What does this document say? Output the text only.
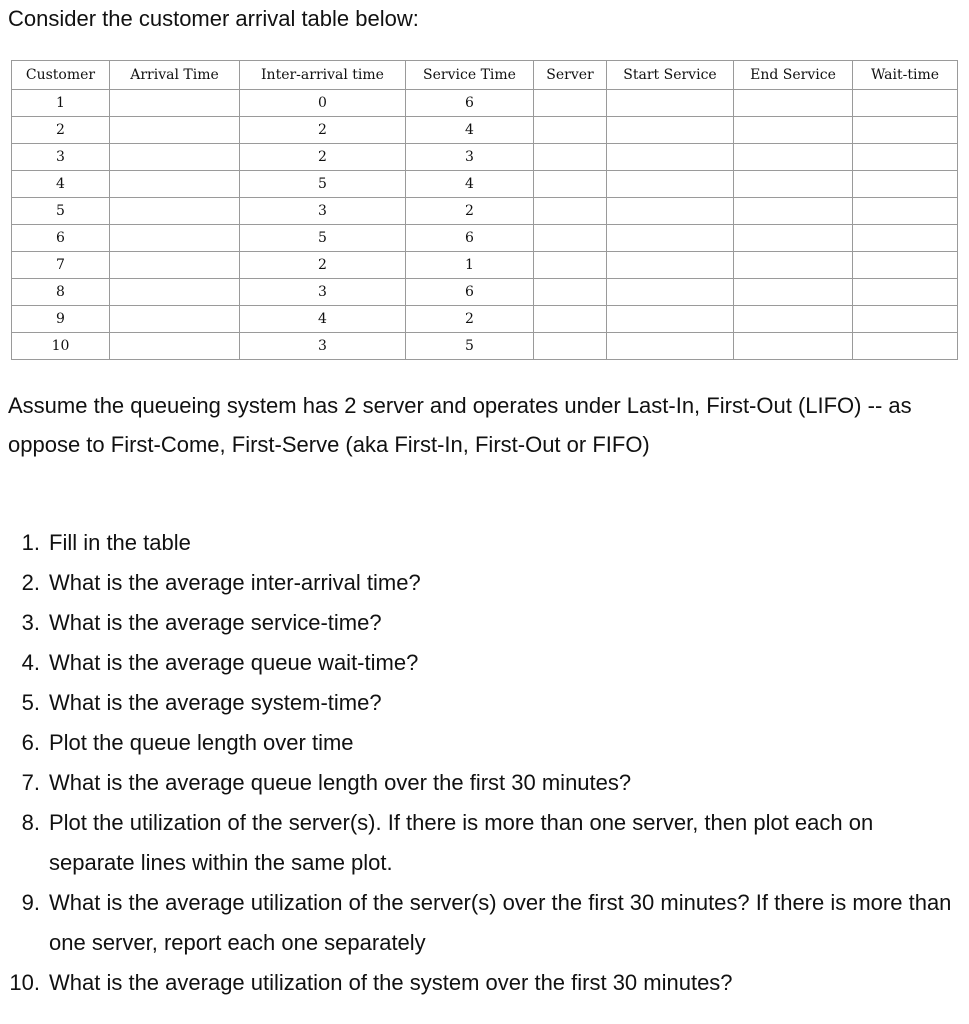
Consider the customer arrival table below:
Customer	Arrival Time	Inter-arrival time	Service Time	Server	Start Service	End Service	Wait-time
1		0	6				
2		2	4				
3		2	3				
4		5	4				
5		3	2				
6		5	6				
7		2	1				
8		3	6				
9		4	2				
10		3	5				
Assume the queueing system has 2 server and operates under Last-In, First-Out (LIFO) -- as oppose to First-Come, First-Serve (aka First-In, First-Out or FIFO)
1. Fill in the table
2. What is the average inter-arrival time?
3. What is the average service-time?
4. What is the average queue wait-time?
5. What is the average system-time?
6. Plot the queue length over time
7. What is the average queue length over the first 30 minutes?
8. Plot the utilization of the server(s). If there is more than one server, then plot each on separate lines within the same plot.
9. What is the average utilization of the server(s) over the first 30 minutes? If there is more than one server, report each one separately
10. What is the average utilization of the system over the first 30 minutes?
